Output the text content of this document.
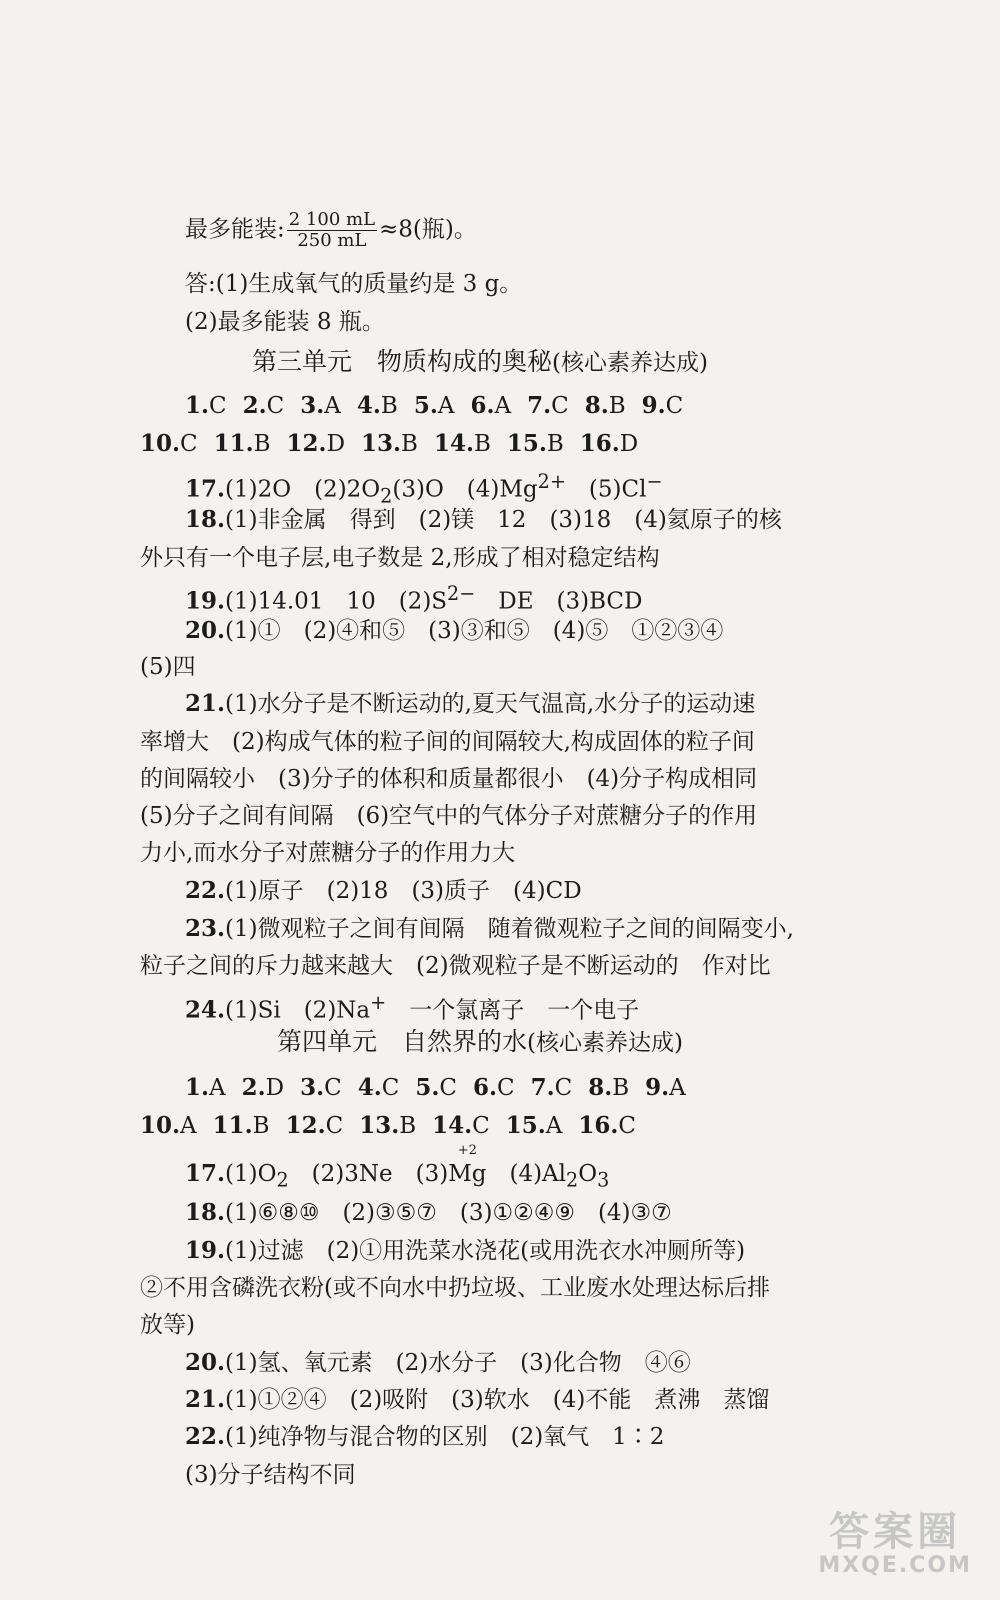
最多能装: $\frac{2 100 mL}{250 mL} \approx 8$(瓶)。
答:(1)生成氧气的质量约是 3 g。
(2)最多能装 8 瓶。
第三单元　物质构成的奥秘(核心素养达成)
1.C 2.C 3.A 4.B 5.A 6.A 7.C 8.B 9.C
10.C 11.B 12.D 13.B 14.B 15.B 16.D
17.(1)2O　$(2)2O_2(3)O$　$(4)Mg^{2+}$　(5)Cl−
18.(1)非金属　得到　(2)镁　12　(3)18　(4)氦原子的核
外只有一个电子层,电子数是 2,形成了相对稳定结构
19.(1)14.01　10　$(2)S^{2-}$　DE　(3)BCD
20.(1)①　(2)④和⑤　(3)③和⑤　(4)⑤　①②③④
(5)四
21.(1)水分子是不断运动的,夏天气温高,水分子的运动速
率增大　(2)构成气体的粒子间的间隔较大,构成固体的粒子间
的间隔较小　(3)分子的体积和质量都很小　(4)分子构成相同
(5)分子之间有间隔　(6)空气中的气体分子对蔗糖分子的作用
力小,而水分子对蔗糖分子的作用力大
22.(1)原子　(2)18　(3)质子　(4)CD
23.(1)微观粒子之间有间隔　随着微观粒子之间的间隔变小,
粒子之间的斥力越来越大　(2)微观粒子是不断运动的　作对比
24.(1)Si　(2)Na+　一个氯离子　一个电子
第四单元　自然界的水(核心素养达成)
1.A 2.D 3.C 4.C 5.C 6.C 7.C 8.B 9.A
10.A 11.B 12.C 13.B 14.C 15.A 16.C
$17.(1)O_2$　(2)3Ne　(3)
+2
Mg　$(4)Al_2O_3$
18.(1)⑥⑧⑩　(2)③⑤⑦　(3)①②④⑨　(4)③⑦
19.(1)过滤　(2)①用洗菜水浇花(或用洗衣水冲厕所等)
②不用含磷洗衣粉(或不向水中扔垃圾、工业废水处理达标后排
放等)
20.(1)氢、氧元素　(2)水分子　(3)化合物　④⑥
21.(1)①②④　(2)吸附　(3)软水　(4)不能　煮沸　蒸馏
22.(1)纯净物与混合物的区别　(2)氧气　1∶2
(3)分子结构不同
答案圈
MXQE.COM
